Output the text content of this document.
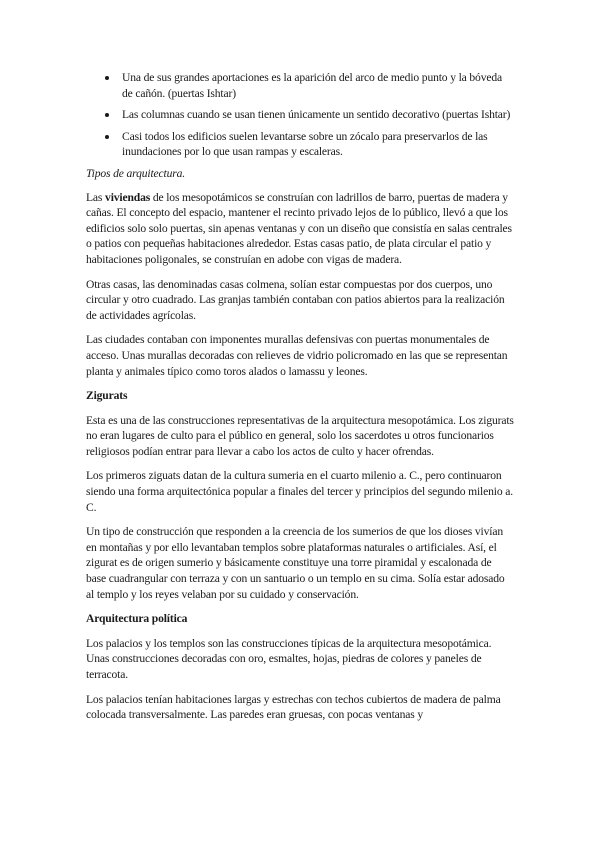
Una de sus grandes aportaciones es la aparición del arco de medio punto y la bóveda de cañón. (puertas Ishtar)
Las columnas cuando se usan tienen únicamente un sentido decorativo (puertas Ishtar)
Casi todos los edificios suelen levantarse sobre un zócalo para preservarlos de las inundaciones por lo que usan rampas y escaleras.
Tipos de arquitectura.

Las viviendas de los mesopotámicos se construían con ladrillos de barro, puertas de madera y cañas. El concepto del espacio, mantener el recinto privado lejos de lo público, llevó a que los edificios solo solo puertas, sin apenas ventanas y con un diseño que consistía en salas centrales o patios con pequeñas habitaciones alrededor. Estas casas patio, de plata circular el patio y habitaciones poligonales, se construían en adobe con vigas de madera.

Otras casas, las denominadas casas colmena, solían estar compuestas por dos cuerpos, uno circular y otro cuadrado. Las granjas también contaban con patios abiertos para la realización de actividades agrícolas.

Las ciudades contaban con imponentes murallas defensivas con puertas monumentales de acceso. Unas murallas decoradas con relieves de vidrio policromado en las que se representan planta y animales típico como toros alados o lamassu y leones.

Zigurats

Esta es una de las construcciones representativas de la arquitectura mesopotámica. Los zigurats no eran lugares de culto para el público en general, solo los sacerdotes u otros funcionarios religiosos podían entrar para llevar a cabo los actos de culto y hacer ofrendas.

Los primeros ziguats datan de la cultura sumeria en el cuarto milenio a. C., pero continuaron siendo una forma arquitectónica popular a finales del tercer y principios del segundo milenio a. C.

Un tipo de construcción que responden a la creencia de los sumerios de que los dioses vivían en montañas y por ello levantaban templos sobre plataformas naturales o artificiales. Así, el zigurat es de origen sumerio y básicamente constituye una torre piramidal y escalonada de base cuadrangular con terraza y con un santuario o un templo en su cima. Solía estar adosado al templo y los reyes velaban por su cuidado y conservación.

Arquitectura política

Los palacios y los templos son las construcciones típicas de la arquitectura mesopotámica. Unas construcciones decoradas con oro, esmaltes, hojas, piedras de colores y paneles de terracota.

Los palacios tenían habitaciones largas y estrechas con techos cubiertos de madera de palma colocada transversalmente. Las paredes eran gruesas, con pocas ventanas y
